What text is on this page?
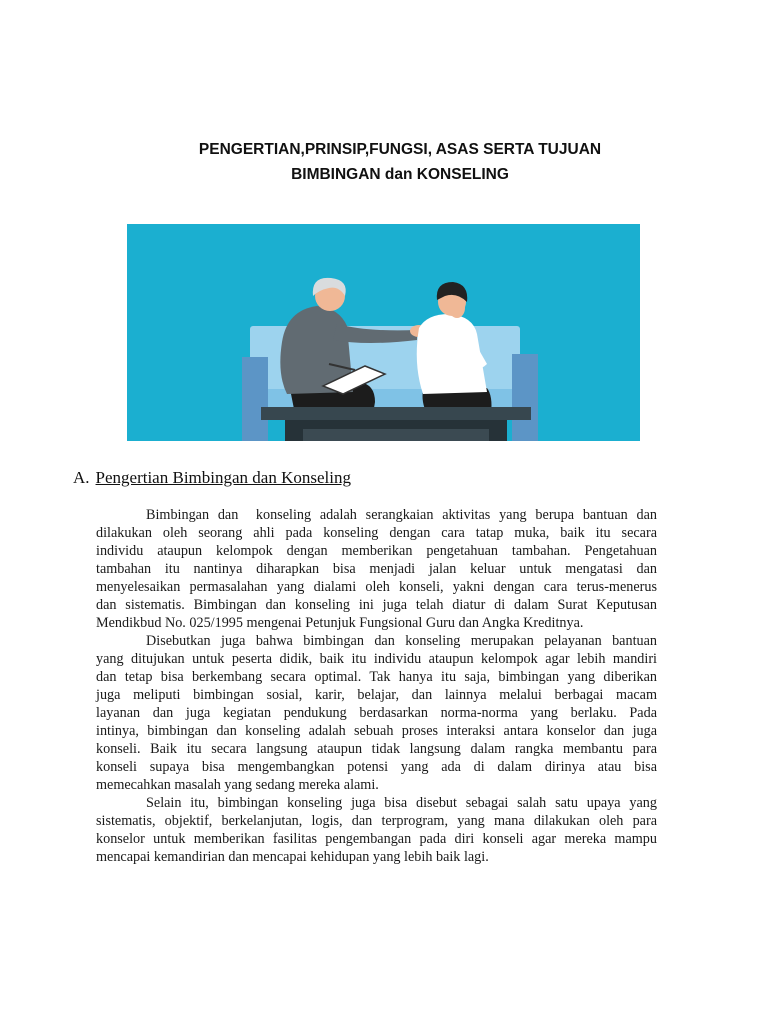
PENGERTIAN,PRINSIP,FUNGSI, ASAS SERTA TUJUAN
BIMBINGAN dan KONSELING
A. Pengertian Bimbingan dan Konseling
Bimbingan dan  konseling adalah serangkaian aktivitas yang berupa bantuan dan
dilakukan oleh seorang ahli pada konseling dengan cara tatap muka, baik itu secara
individu ataupun kelompok dengan memberikan pengetahuan tambahan. Pengetahuan
tambahan itu nantinya diharapkan bisa menjadi jalan keluar untuk mengatasi dan
menyelesaikan permasalahan yang dialami oleh konseli, yakni dengan cara terus-menerus
dan sistematis. Bimbingan dan konseling ini juga telah diatur di dalam Surat Keputusan
Mendikbud No. 025/1995 mengenai Petunjuk Fungsional Guru dan Angka Kreditnya.
Disebutkan juga bahwa bimbingan dan konseling merupakan pelayanan bantuan
yang ditujukan untuk peserta didik, baik itu individu ataupun kelompok agar lebih mandiri
dan tetap bisa berkembang secara optimal. Tak hanya itu saja, bimbingan yang diberikan
juga meliputi bimbingan sosial, karir, belajar, dan lainnya melalui berbagai macam
layanan dan juga kegiatan pendukung berdasarkan norma-norma yang berlaku. Pada
intinya, bimbingan dan konseling adalah sebuah proses interaksi antara konselor dan juga
konseli. Baik itu secara langsung ataupun tidak langsung dalam rangka membantu para
konseli supaya bisa mengembangkan potensi yang ada di dalam dirinya atau bisa
memecahkan masalah yang sedang mereka alami.
Selain itu, bimbingan konseling juga bisa disebut sebagai salah satu upaya yang
sistematis, objektif, berkelanjutan, logis, dan terprogram, yang mana dilakukan oleh para
konselor untuk memberikan fasilitas pengembangan pada diri konseli agar mereka mampu
mencapai kemandirian dan mencapai kehidupan yang lebih baik lagi.
